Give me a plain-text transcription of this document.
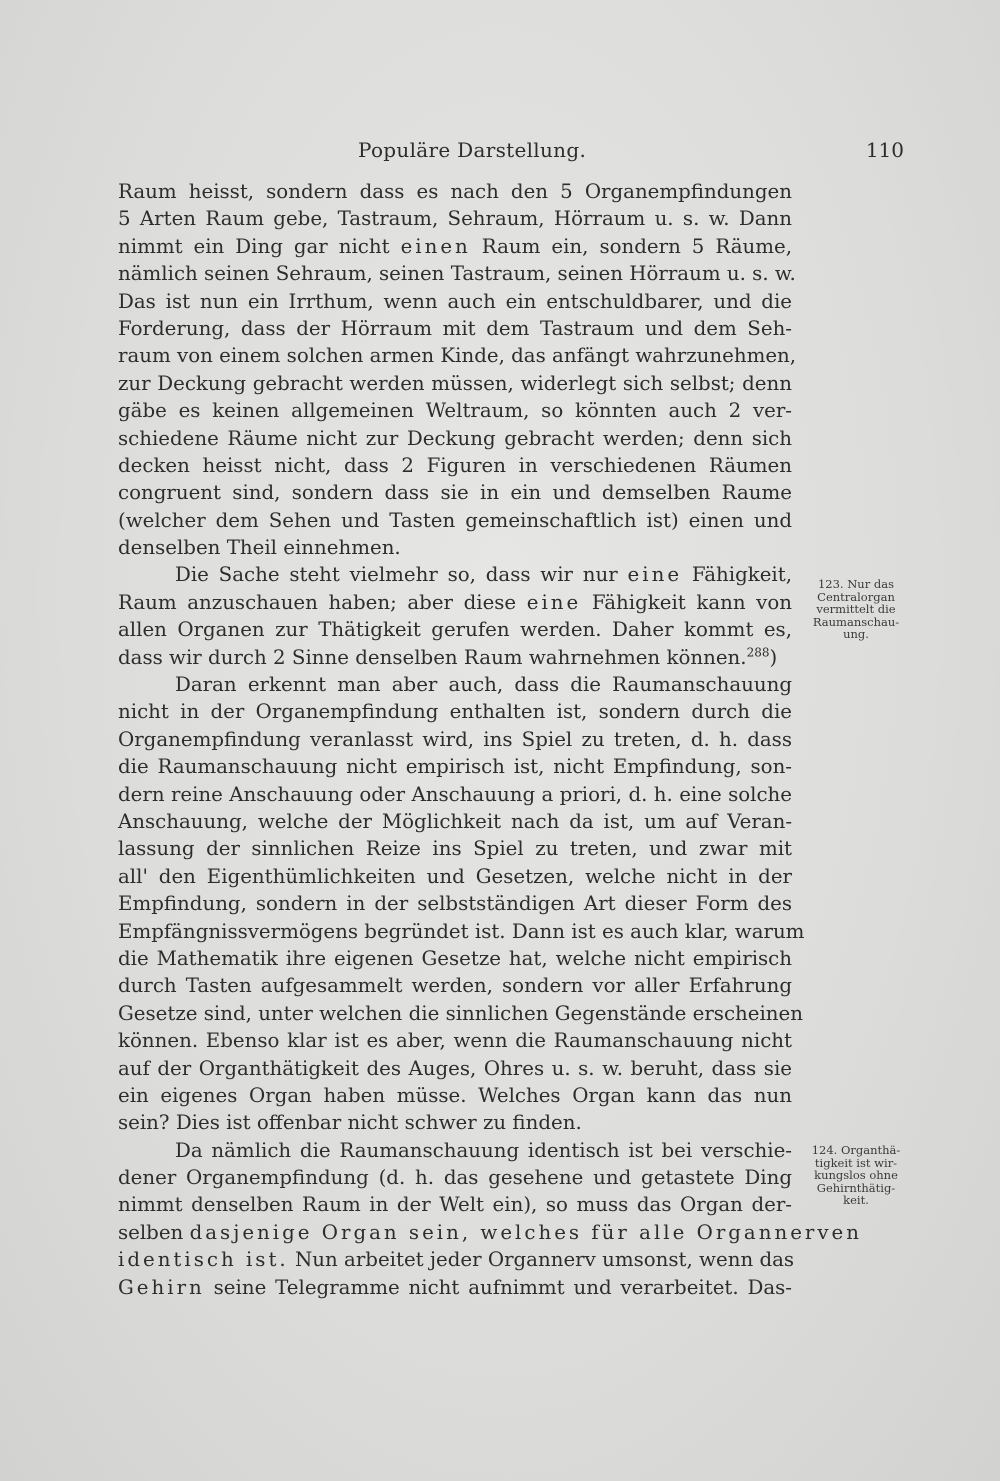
Populäre Darstellung.	110
Raum heisst, sondern dass es nach den 5 Organempfindungen
5 Arten Raum gebe, Tastraum, Sehraum, Hörraum u. s. w. Dann
nimmt ein Ding gar nicht einen Raum ein, sondern 5 Räume,
nämlich seinen Sehraum, seinen Tastraum, seinen Hörraum u. s. w.
Das ist nun ein Irrthum, wenn auch ein entschuldbarer, und die
Forderung, dass der Hörraum mit dem Tastraum und dem Seh-
raum von einem solchen armen Kinde, das anfängt wahrzunehmen,
zur Deckung gebracht werden müssen, widerlegt sich selbst; denn
gäbe es keinen allgemeinen Weltraum, so könnten auch 2 ver-
schiedene Räume nicht zur Deckung gebracht werden; denn sich
decken heisst nicht, dass 2 Figuren in verschiedenen Räumen
congruent sind, sondern dass sie in ein und demselben Raume
(welcher dem Sehen und Tasten gemeinschaftlich ist) einen und
denselben Theil einnehmen.
Die Sache steht vielmehr so, dass wir nur eine Fähigkeit,
Raum anzuschauen haben; aber diese eine Fähigkeit kann von
allen Organen zur Thätigkeit gerufen werden. Daher kommt es,
dass wir durch 2 Sinne denselben Raum wahrnehmen können.$^{288}$)
Daran erkennt man aber auch, dass die Raumanschauung
nicht in der Organempfindung enthalten ist, sondern durch die
Organempfindung veranlasst wird, ins Spiel zu treten, d. h. dass
die Raumanschauung nicht empirisch ist, nicht Empfindung, son-
dern reine Anschauung oder Anschauung a priori, d. h. eine solche
Anschauung, welche der Möglichkeit nach da ist, um auf Veran-
lassung der sinnlichen Reize ins Spiel zu treten, und zwar mit
all' den Eigenthümlichkeiten und Gesetzen, welche nicht in der
Empfindung, sondern in der selbstständigen Art dieser Form des
Empfängnissvermögens begründet ist. Dann ist es auch klar, warum
die Mathematik ihre eigenen Gesetze hat, welche nicht empirisch
durch Tasten aufgesammelt werden, sondern vor aller Erfahrung
Gesetze sind, unter welchen die sinnlichen Gegenstände erscheinen
können. Ebenso klar ist es aber, wenn die Raumanschauung nicht
auf der Organthätigkeit des Auges, Ohres u. s. w. beruht, dass sie
ein eigenes Organ haben müsse. Welches Organ kann das nun
sein? Dies ist offenbar nicht schwer zu finden.
Da nämlich die Raumanschauung identisch ist bei verschie-
dener Organempfindung (d. h. das gesehene und getastete Ding
nimmt denselben Raum in der Welt ein), so muss das Organ der-
selben dasjenige Organ sein, welches für alle Organnerven
identisch ist. Nun arbeitet jeder Organnerv umsonst, wenn das
Gehirn seine Telegramme nicht aufnimmt und verarbeitet. Das-
123. Nur das
Centralorgan
vermittelt die
Raumanschau-
ung.
124. Organthä-
tigkeit ist wir-
kungslos ohne
Gehirnthätig-
keit.
